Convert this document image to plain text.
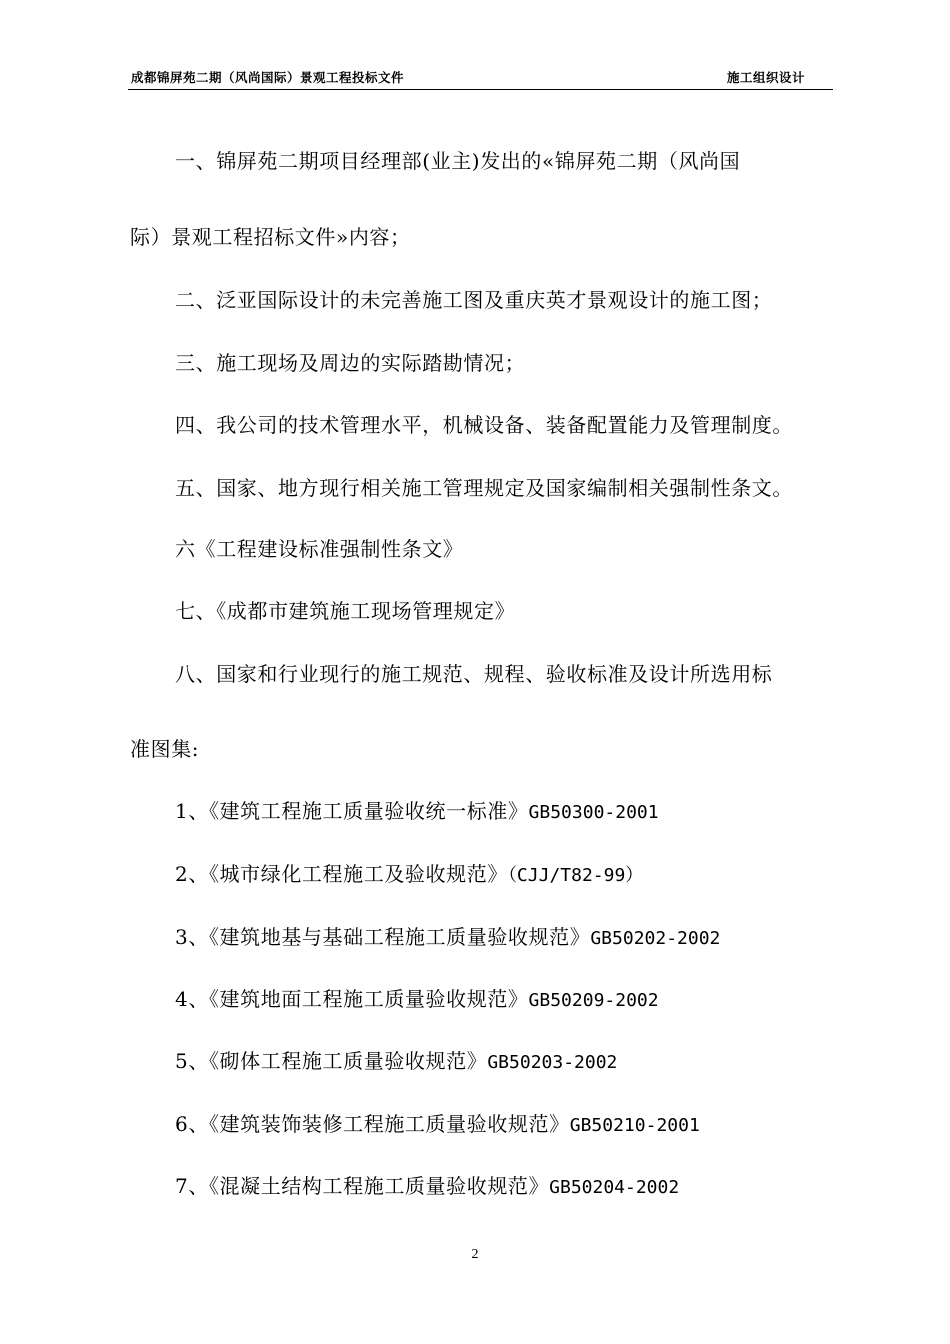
成都锦屏苑二期（风尚国际）景观工程投标文件	施工组织设计
一、锦屏苑二期项目经理部(业主)发出的«锦屏苑二期（风尚国
际）景观工程招标文件»内容；
二、泛亚国际设计的未完善施工图及重庆英才景观设计的施工图；
三、施工现场及周边的实际踏勘情况；
四、我公司的技术管理水平，机械设备、装备配置能力及管理制度。
五、国家、地方现行相关施工管理规定及国家编制相关强制性条文。
六《工程建设标准强制性条文》
七、《成都市建筑施工现场管理规定》
八、国家和行业现行的施工规范、规程、验收标准及设计所选用标
准图集:
1、《建筑工程施工质量验收统一标准》GB50300-2001
2、《城市绿化工程施工及验收规范》（CJJ/T82-99）
3、《建筑地基与基础工程施工质量验收规范》GB50202-2002
4、《建筑地面工程施工质量验收规范》GB50209-2002
5、《砌体工程施工质量验收规范》GB50203-2002
6、《建筑装饰装修工程施工质量验收规范》GB50210-2001
7、《混凝土结构工程施工质量验收规范》GB50204-2002
2
